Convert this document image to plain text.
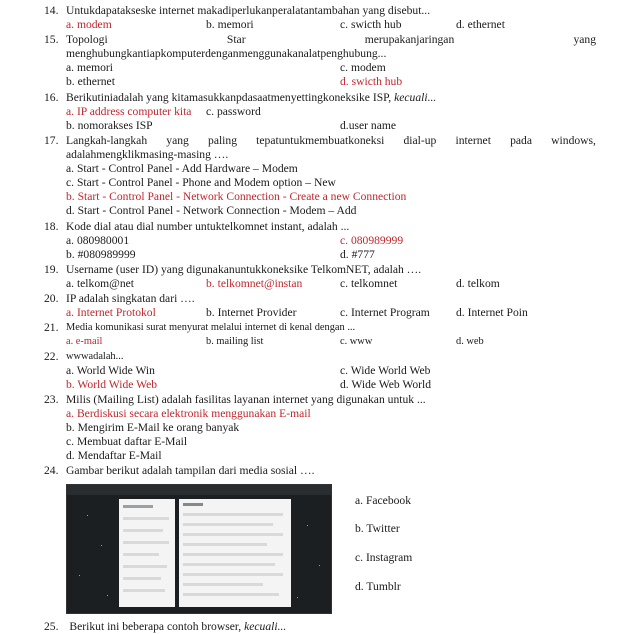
14. Untukdapatakseske internet makadiperlukanperalatantambahan yang disebut...
a. modem	b. memori	c. swicth hub	d. ethernet
15. Topologi	Star	merupakanjaringan	yang
menghubungkantiapkomputerdenganmenggunakanalatpenghubung...
a. memori	c. modem
b. ethernet	d. swicth hub
16. Berikutiniadalah yang kitamasukkanpdasaatmenyettingkoneksike ISP, kecuali...
a. IP address computer kita c. password
b. nomorakses ISP	d.user name
17. Langkah-langkah yang paling tepatuntukmembuatkoneksi dial-up internet pada windows,
adalahmengklikmasing-masing ….
a. Start - Control Panel - Add Hardware – Modem
c. Start - Control Panel - Phone and Modem option – New
b. Start - Control Panel - Network Connection - Create a new Connection
d. Start - Control Panel - Network Connection - Modem – Add
18. Kode dial atau dial number untuktelkomnet instant, adalah ...
a. 080980001	c. 080989999
b. #080989999	d. #777
19. Username (user ID) yang digunakanuntukkoneksike TelkomNET, adalah ….
a. telkom@net	b. telkomnet@instan	c. telkomnet	d. telkom
20. IP adalah singkatan dari ….
a. Internet Protokol	b. Internet Provider	c. Internet Program d. Internet Poin
21. Media komunikasi surat menyurat melalui internet di kenal dengan ...
a. e-mail	b. mailing list	c. www	d. web
22. wwwadalah...
a. World Wide Win	c. Wide World Web
b. World Wide Web	d. Wide Web World
23. Milis (Mailing List) adalah fasilitas layanan internet yang digunakan untuk ...
a. Berdiskusi secara elektronik menggunakan E-mail
b. Mengirim E-Mail ke orang banyak
c. Membuat daftar E-Mail
d. Mendaftar E-Mail
24. Gambar berikut adalah tampilan dari media sosial ….
a. Facebook
b. Twitter
c. Instagram
d. Tumblr
25. Berikut ini beberapa contoh browser, kecuali...
